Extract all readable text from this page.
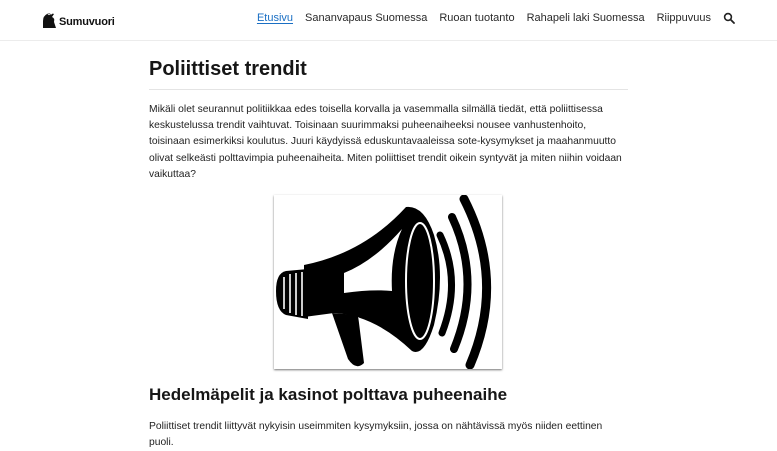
Sumuvuori	Etusivu Sananvapaus Suomessa Ruoan tuotanto Rahapeli laki Suomessa Riippuvuus
Poliittiset trendit

Mikäli olet seurannut politiikkaa edes toisella korvalla ja vasemmalla silmällä tiedät, että poliittisessa keskustelussa trendit vaihtuvat. Toisinaan suurimmaksi puheenaiheeksi nousee vanhustenhoito, toisinaan esimerkiksi koulutus. Juuri käydyissä eduskuntavaaleissa sote-kysymykset ja maahanmuutto olivat selkeästi polttavimpia puheenaiheita. Miten poliittiset trendit oikein syntyvät ja miten niihin voidaan vaikuttaa?

Hedelmäpelit ja kasinot polttava puheenaihe

Poliittiset trendit liittyvät nykyisin useimmiten kysymyksiin, jossa on nähtävissä myös niiden eettinen puoli.
